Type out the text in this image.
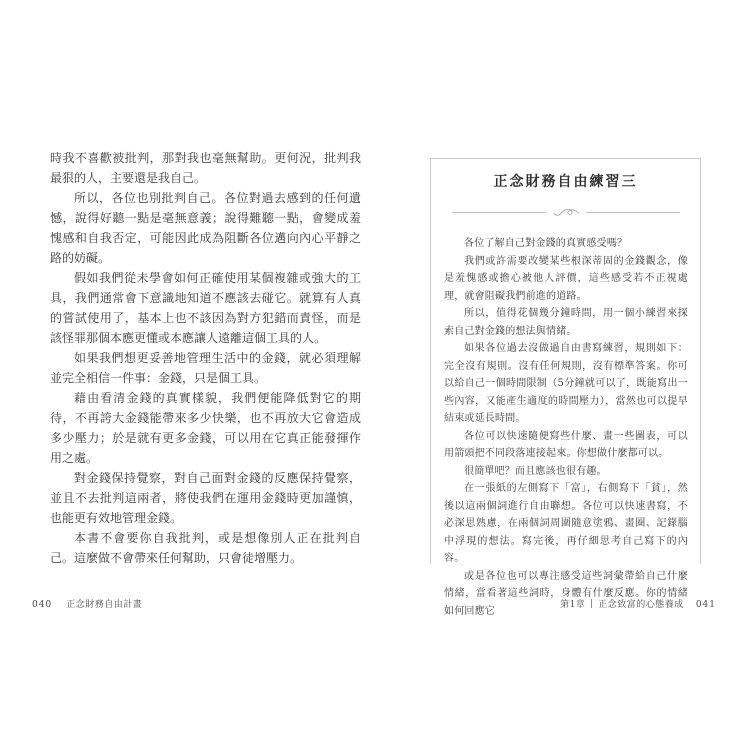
時我不喜歡被批判，那對我也毫無幫助。更何況，批判我最狠的人，主要還是我自己。

所以，各位也別批判自己。各位對過去感到的任何遺憾，說得好聽一點是毫無意義；說得難聽一點，會變成羞愧感和自我否定，可能因此成為阻斷各位邁向內心平靜之路的妨礙。

假如我們從未學會如何正確使用某個複雜或強大的工具，我們通常會下意識地知道不應該去碰它。就算有人真的嘗試使用了，基本上也不該因為對方犯錯而責怪，而是該怪罪那個本應更懂或本應讓人遠離這個工具的人。

如果我們想更妥善地管理生活中的金錢，就必須理解並完全相信一件事：金錢，只是個工具。

藉由看清金錢的真實樣貌，我們便能降低對它的期待，不再誇大金錢能帶來多少快樂，也不再放大它會造成多少壓力；於是就有更多金錢，可以用在它真正能發揮作用之處。

對金錢保持覺察，對自己面對金錢的反應保持覺察，並且不去批判這兩者，將使我們在運用金錢時更加謹慎，也能更有效地管理金錢。

本書不會要你自我批判，或是想像別人正在批判自己。這麼做不會帶來任何幫助，只會徒增壓力。

040 正念財務自由計畫
正念財務自由練習三

各位了解自己對金錢的真實感受嗎？

我們或許需要改變某些根深蒂固的金錢觀念，像是羞愧感或擔心被他人評價，這些感受若不正視處理，就會阻礙我們前進的道路。

所以，值得花個幾分鐘時間，用一個小練習來探索自己對金錢的想法與情緒。

如果各位過去沒做過自由書寫練習，規則如下：完全沒有規則。沒有任何規則，沒有標準答案。你可以給自己一個時間限制（5分鐘就可以了，既能寫出一些內容，又能產生適度的時間壓力），當然也可以提早結束或延長時間。

各位可以快速隨便寫些什麼、畫一些圖表，可以用箭頭把不同段落連接起來。你想做什麼都可以。

很簡單吧？而且應該也很有趣。

在一張紙的左側寫下「富」，右側寫下「貧」，然後以這兩個詞進行自由聯想。各位可以快速書寫，不必深思熟慮，在兩個詞周圍隨意塗鴉、畫圈、記錄腦中浮現的想法。寫完後，再仔細思考自己寫下的內容。

或是各位也可以專注感受這些詞彙帶給自己什麼情緒，當看著這些詞時，身體有什麼反應。你的情緒如何回應它

第1章 正念致富的心態養成 041
